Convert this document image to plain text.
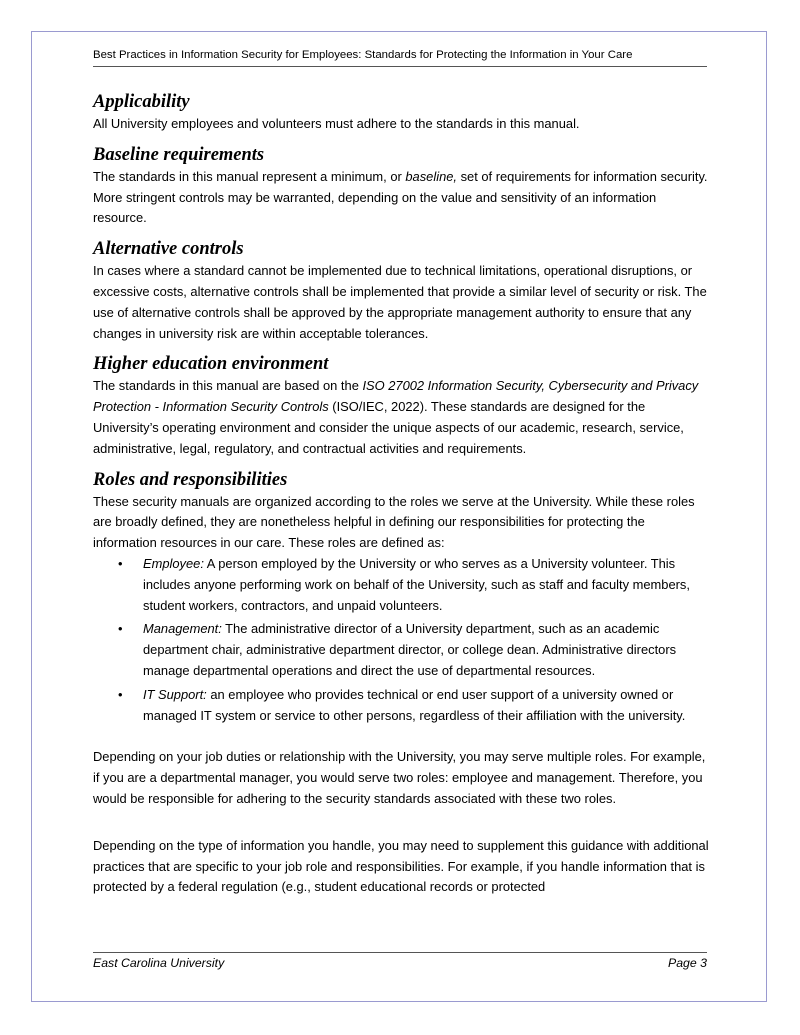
Best Practices in Information Security for Employees: Standards for Protecting the Information in Your Care
Applicability

All University employees and volunteers must adhere to the standards in this manual.

Baseline requirements

The standards in this manual represent a minimum, or baseline, set of requirements for information security. More stringent controls may be warranted, depending on the value and sensitivity of an information resource.

Alternative controls

In cases where a standard cannot be implemented due to technical limitations, operational disruptions, or excessive costs, alternative controls shall be implemented that provide a similar level of security or risk. The use of alternative controls shall be approved by the appropriate management authority to ensure that any changes in university risk are within acceptable tolerances.

Higher education environment

The standards in this manual are based on the ISO 27002 Information Security, Cybersecurity and Privacy Protection - Information Security Controls (ISO/IEC, 2022). These standards are designed for the University’s operating environment and consider the unique aspects of our academic, research, service, administrative, legal, regulatory, and contractual activities and requirements.

Roles and responsibilities

These security manuals are organized according to the roles we serve at the University. While these roles are broadly defined, they are nonetheless helpful in defining our responsibilities for protecting the information resources in our care. These roles are defined as:

• Employee: A person employed by the University or who serves as a University volunteer. This includes anyone performing work on behalf of the University, such as staff and faculty members, student workers, contractors, and unpaid volunteers.
• Management: The administrative director of a University department, such as an academic department chair, administrative department director, or college dean. Administrative directors manage departmental operations and direct the use of departmental resources.
• IT Support: an employee who provides technical or end user support of a university owned or managed IT system or service to other persons, regardless of their affiliation with the university.

Depending on your job duties or relationship with the University, you may serve multiple roles. For example, if you are a departmental manager, you would serve two roles: employee and management. Therefore, you would be responsible for adhering to the security standards associated with these two roles.

Depending on the type of information you handle, you may need to supplement this guidance with additional practices that are specific to your job role and responsibilities. For example, if you handle information that is protected by a federal regulation (e.g., student educational records or protected

East Carolina University	Page 3
